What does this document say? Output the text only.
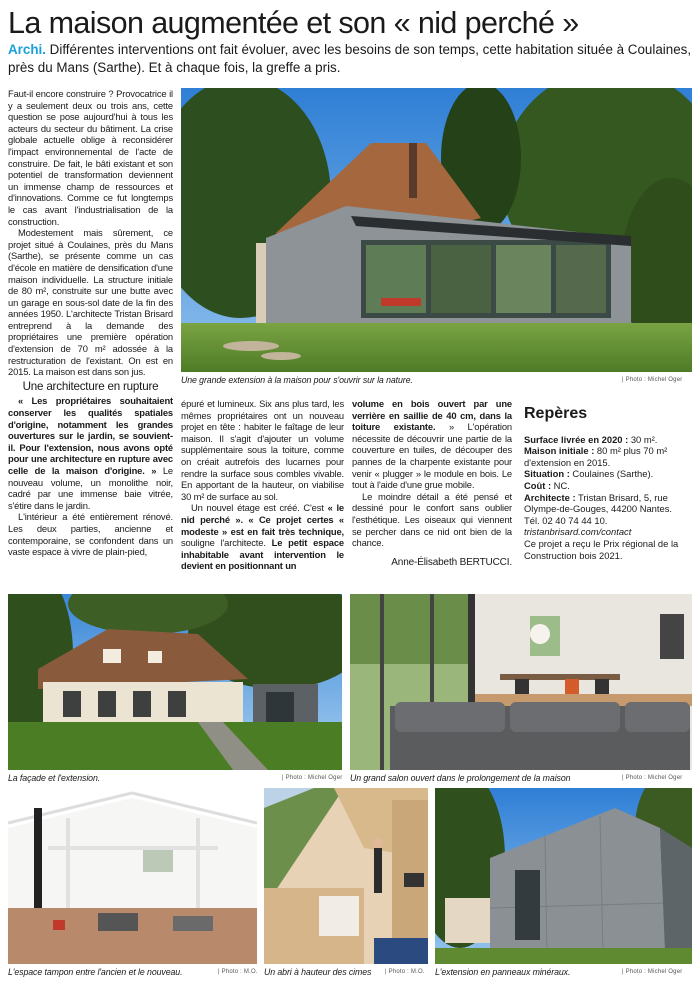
La maison augmentée et son « nid perché »
Archi. Différentes interventions ont fait évoluer, avec les besoins de son temps, cette habitation située à Coulaines, près du Mans (Sarthe). Et à chaque fois, la greffe a pris.

Faut-il encore construire ? Provocatrice il y a seulement deux ou trois ans, cette question se pose aujourd'hui à tous les acteurs du secteur du bâtiment. La crise globale actuelle oblige à reconsidérer l'impact environnemental de l'acte de construire. De fait, le bâti existant et son potentiel de transformation deviennent un immense champ de ressources et d'innovations. Comme ce fut longtemps le cas avant l'industrialisation de la construction.

Modestement mais sûrement, ce projet situé à Coulaines, près du Mans (Sarthe), se présente comme un cas d'école en matière de densification d'une maison individuelle. La structure initiale de 80 m², construite sur une butte avec un garage en sous-sol date de la fin des années 1950. L'architecte Tristan Brisard entreprend à la demande des propriétaires une première opération d'extension de 70 m² adossée à la restructuration de l'existant. On est en 2015. La maison est dans son jus.

Une architecture en rupture

« Les propriétaires souhaitaient conserver les qualités spatiales d'origine, notamment les grandes ouvertures sur le jardin, se souvient-il. Pour l'extension, nous avons opté pour une architecture en rupture avec celle de la maison d'origine. » Le nouveau volume, un monolithe noir, cadré par une immense baie vitrée, s'étire dans le jardin.

L'intérieur a été entièrement rénové. Les deux parties, ancienne et contemporaine, se confondent dans un vaste espace à vivre de plain-pied,

épuré et lumineux. Six ans plus tard, les mêmes propriétaires ont un nouveau projet en tête : habiter le faîtage de leur maison. Il s'agit d'ajouter un volume supplémentaire sous la toiture, comme on créait autrefois des lucarnes pour rendre la surface sous combles vivable. En apportant de la hauteur, on viabilise 30 m² de surface au sol.

Un nouvel étage est créé. C'est « le nid perché ». « Ce projet certes « modeste » est en fait très technique, souligne l'architecte. Le petit espace inhabitable avant intervention le devient en positionnant un

volume en bois ouvert par une verrière en saillie de 40 cm, dans la toiture existante. » L'opération nécessite de découvrir une partie de la couverture en tuiles, de découper des pannes de la charpente existante pour venir « plugger » le module en bois. Le tout à l'aide d'une grue mobile.

Le moindre détail a été pensé et dessiné pour le confort sans oublier l'esthétique. Les oiseaux qui viennent se percher dans ce nid ont bien de la chance.

Anne-Élisabeth BERTUCCI.
Repères

Surface livrée en 2020 : 30 m².

Maison initiale : 80 m² plus 70 m² d'extension en 2015.

Situation : Coulaines (Sarthe).

Coût : NC.

Architecte : Tristan Brisard, 5, rue Olympe-de-Gouges, 44200 Nantes.

Tél. 02 40 74 44 10.

tristanbrisard.com/contact

Ce projet a reçu le Prix régional de la Construction bois 2021.

Une grande extension à la maison pour s'ouvrir sur la nature.	| Photo : Michel Oger
La façade et l'extension.	| Photo : Michel Oger Un grand salon ouvert dans le prolongement de la maison	| Photo : Michel Oger
L'espace tampon entre l'ancien et le nouveau.	| Photo : M.O. Un abri à hauteur des cimes | Photo : M.O. L'extension en panneaux minéraux.	| Photo : Michel Oger
